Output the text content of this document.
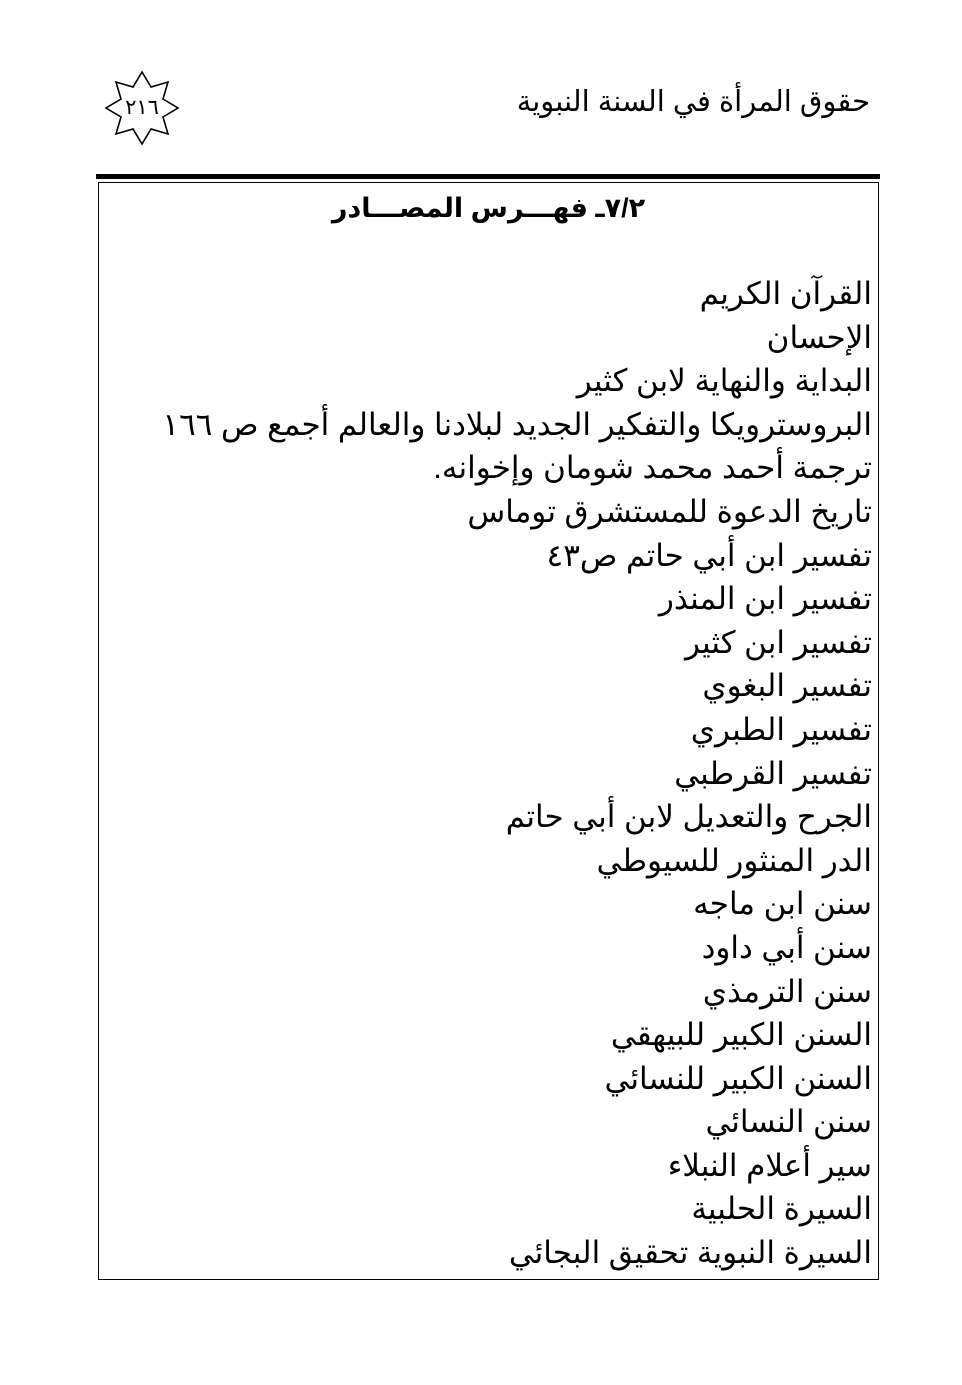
حقوق المرأة في السنة النبوية
٢١٦
٧/٢ـ فهـــرس المصـــادر
القرآن الكريم
الإحسان
البداية والنهاية لابن كثير
البروسترويكا والتفكير الجديد لبلادنا والعالم أجمع ص ١٦٦
ترجمة أحمد محمد شومان وإخوانه.
تاريخ الدعوة للمستشرق توماس
تفسير ابن أبي حاتم ص٤٣
تفسير ابن المنذر
تفسير ابن كثير
تفسير البغوي
تفسير الطبري
تفسير القرطبي
الجرح والتعديل لابن أبي حاتم
الدر المنثور للسيوطي
سنن ابن ماجه
سنن أبي داود
سنن الترمذي
السنن الكبير للبيهقي
السنن الكبير للنسائي
سنن النسائي
سير أعلام النبلاء
السيرة الحلبية
السيرة النبوية تحقيق البجائي
